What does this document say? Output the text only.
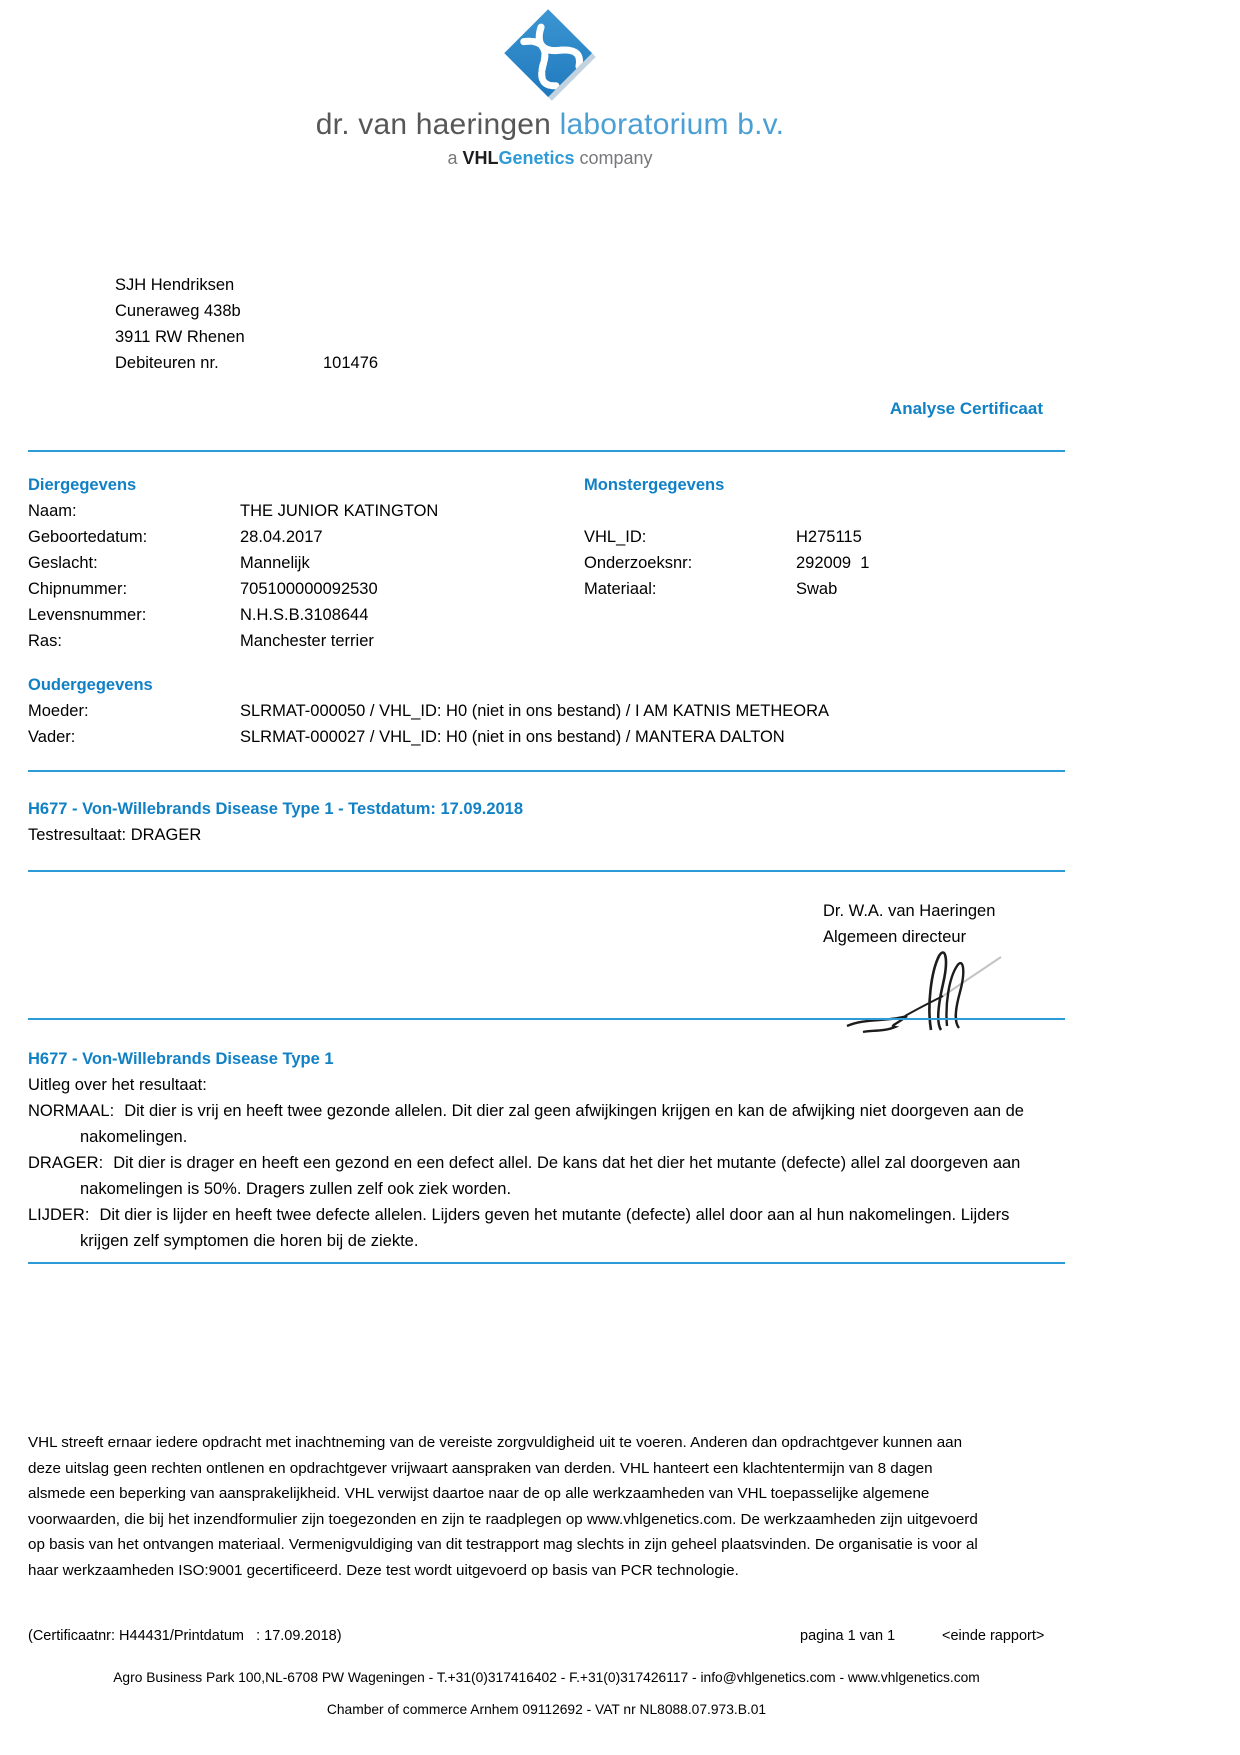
dr. van haeringen laboratorium b.v.
a VHLGenetics company
SJH Hendriksen
Cuneraweg 438b
3911 RW Rhenen
Debiteuren nr.	101476
Analyse Certificaat
Diergegevens
Naam:	THE JUNIOR KATINGTON
Geboortedatum:	28.04.2017
Geslacht:	Mannelijk
Chipnummer:	705100000092530
Levensnummer:	N.H.S.B.3108644
Ras:	Manchester terrier
Monstergegevens
VHL_ID:	H275115
Onderzoeksnr:	292009  1
Materiaal:	Swab
Oudergegevens
Moeder:	SLRMAT-000050 / VHL_ID: H0 (niet in ons bestand) / I AM KATNIS METHEORA
Vader:	SLRMAT-000027 / VHL_ID: H0 (niet in ons bestand) / MANTERA DALTON
H677 - Von-Willebrands Disease Type 1 - Testdatum: 17.09.2018
Testresultaat: DRAGER
Dr. W.A. van Haeringen
Algemeen directeur
H677 - Von-Willebrands Disease Type 1
Uitleg over het resultaat:
NORMAAL: Dit dier is vrij en heeft twee gezonde allelen. Dit dier zal geen afwijkingen krijgen en kan de afwijking niet doorgeven aan de nakomelingen.
DRAGER: Dit dier is drager en heeft een gezond en een defect allel. De kans dat het dier het mutante (defecte) allel zal doorgeven aan nakomelingen is 50%. Dragers zullen zelf ook ziek worden.
LIJDER: Dit dier is lijder en heeft twee defecte allelen. Lijders geven het mutante (defecte) allel door aan al hun nakomelingen. Lijders krijgen zelf symptomen die horen bij de ziekte.
VHL streeft ernaar iedere opdracht met inachtneming van de vereiste zorgvuldigheid uit te voeren. Anderen dan opdrachtgever kunnen aan deze uitslag geen rechten ontlenen en opdrachtgever vrijwaart aanspraken van derden. VHL hanteert een klachtentermijn van 8 dagen alsmede een beperking van aansprakelijkheid. VHL verwijst daartoe naar de op alle werkzaamheden van VHL toepasselijke algemene voorwaarden, die bij het inzendformulier zijn toegezonden en zijn te raadplegen op www.vhlgenetics.com. De werkzaamheden zijn uitgevoerd op basis van het ontvangen materiaal. Vermenigvuldiging van dit testrapport mag slechts in zijn geheel plaatsvinden. De organisatie is voor al haar werkzaamheden ISO:9001 gecertificeerd. Deze test wordt uitgevoerd op basis van PCR technologie.
(Certificaatnr: H44431/Printdatum   : 17.09.2018)	pagina 1 van 1	<einde rapport>
Agro Business Park 100,NL-6708 PW Wageningen - T.+31(0)317416402 - F.+31(0)317426117 - info@vhlgenetics.com - www.vhlgenetics.com
Chamber of commerce Arnhem 09112692 - VAT nr NL8088.07.973.B.01
